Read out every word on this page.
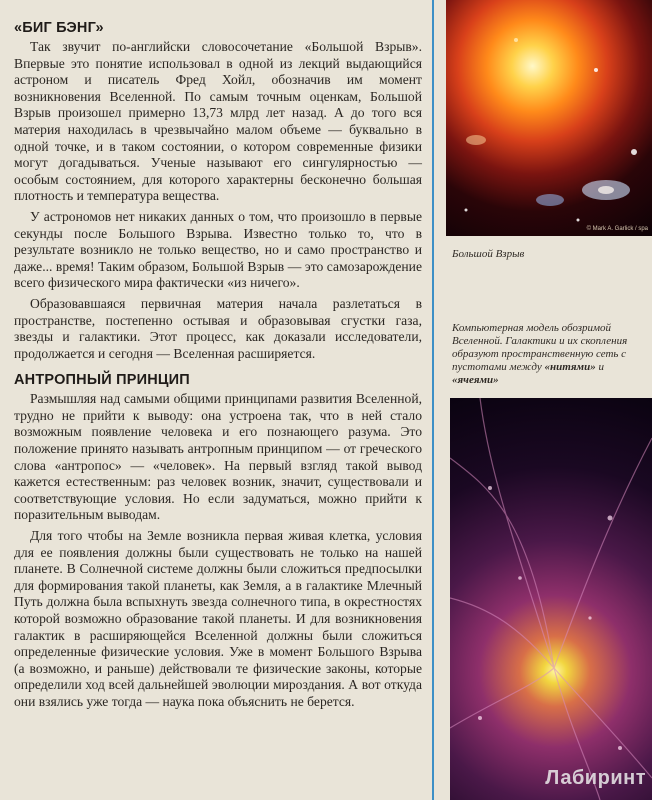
«БИГ БЭНГ»

Так звучит по-английски словосочетание «Большой Взрыв». Впервые это понятие использовал в одной из лекций выдающийся астроном и писатель Фред Хойл, обозначив им момент возникновения Вселенной. По самым точным оценкам, Большой Взрыв произошел примерно 13,73 млрд лет назад. А до того вся материя находилась в чрезвычайно малом объеме — буквально в одной точке, и в таком состоянии, о котором современные физики могут догадываться. Ученые называют его сингулярностью — особым состоянием, для которого характерны бесконечно большая плотность и температура вещества.

У астрономов нет никаких данных о том, что произошло в первые секунды после Большого Взрыва. Известно только то, что в результате возникло не только вещество, но и само пространство и даже... время! Таким образом, Большой Взрыв — это самозарождение всего физического мира фактически «из ничего».

Образовавшаяся первичная материя начала разлетаться в пространстве, постепенно остывая и образовывая сгустки газа, звезды и галактики. Этот процесс, как доказали исследователи, продолжается и сегодня — Вселенная расширяется.

АНТРОПНЫЙ ПРИНЦИП

Размышляя над самыми общими принципами развития Вселенной, трудно не прийти к выводу: она устроена так, что в ней стало возможным появление человека и его познающего разума. Это положение принято называть антропным принципом — от греческого слова «антропос» — «человек». На первый взгляд такой вывод кажется естественным: раз человек возник, значит, существовали и соответствующие условия. Но если задуматься, можно прийти к поразительным выводам.

Для того чтобы на Земле возникла первая живая клетка, условия для ее появления должны были существовать не только на нашей планете. В Солнечной системе должны были сложиться предпосылки для формирования такой планеты, как Земля, а в галактике Млечный Путь должна была вспыхнуть звезда солнечного типа, в окрестностях которой возможно образование такой планеты. И для возникновения галактик в расширяющейся Вселенной должны были сложиться определенные физические условия. Уже в момент Большого Взрыва (а возможно, и раньше) действовали те физические законы, которые определили ход всей дальнейшей эволюции мироздания. А вот откуда они взялись уже тогда — наука пока объяснить не берется.

© Mark A. Garlick / spa
Лабиринт
Большой Взрыв
Компьютерная модель обозримой Вселенной. Галактики и их скопления образуют пространственную сеть с пустотами между «нитями» и «ячеями»
